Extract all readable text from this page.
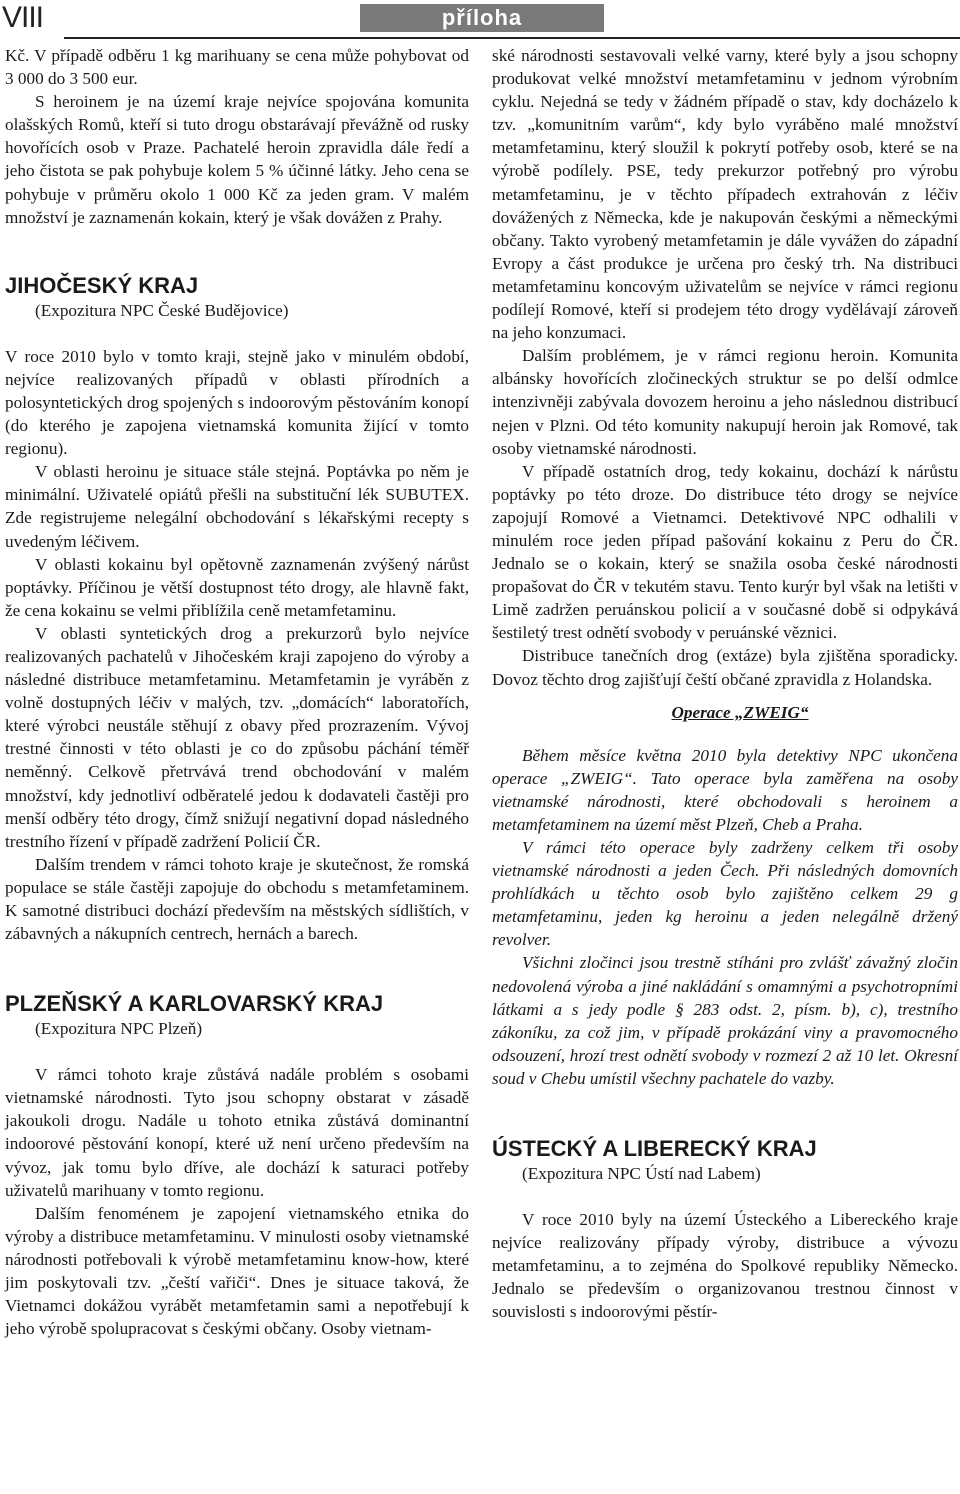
VIII	příloha

Kč. V případě odběru 1 kg marihuany se cena může pohybovat od 3 000 do 3 500 eur.

S heroinem je na území kraje nejvíce spojována komunita olašských Romů, kteří si tuto drogu obstarávají převážně od rusky hovořících osob v Praze. Pachatelé heroin zpravidla dále ředí a jeho čistota se pak pohybuje kolem 5 % účinné látky. Jeho cena se pohybuje v průměru okolo 1 000 Kč za jeden gram. V malém množství je zaznamenán kokain, který je však dovážen z Prahy.

JIHOČESKÝ KRAJ

(Expozitura NPC České Budějovice)

V roce 2010 bylo v tomto kraji, stejně jako v minulém období, nejvíce realizovaných případů v oblasti přírodních a polosyntetických drog spojených s indoorovým pěstováním konopí (do kterého je zapojena vietnamská komunita žijící v tomto regionu).

V oblasti heroinu je situace stále stejná. Poptávka po něm je minimální. Uživatelé opiátů přešli na substituční lék SUBUTEX. Zde registrujeme nelegální obchodování s lékařskými recepty s uvedeným léčivem.

V oblasti kokainu byl opětovně zaznamenán zvýšený nárůst poptávky. Příčinou je větší dostupnost této drogy, ale hlavně fakt, že cena kokainu se velmi přiblížila ceně metamfetaminu.

V oblasti syntetických drog a prekurzorů bylo nejvíce realizovaných pachatelů v Jihočeském kraji zapojeno do výroby a následné distribuce metamfetaminu. Metamfetamin je vyráběn z volně dostupných léčiv v malých, tzv. „domácích“ laboratořích, které výrobci neustále stěhují z obavy před prozrazením. Vývoj trestné činnosti v této oblasti je co do způsobu páchání téměř neměnný. Celkově přetrvává trend obchodování v malém množství, kdy jednotliví odběratelé jedou k dodavateli častěji pro menší odběry této drogy, čímž snižují negativní dopad následného trestního řízení v případě zadržení Policií ČR.

Dalším trendem v rámci tohoto kraje je skutečnost, že romská populace se stále častěji zapojuje do obchodu s metamfetaminem. K samotné distribuci dochází především na městských sídlištích, v zábavných a nákupních centrech, hernách a barech.

PLZEŇSKÝ A KARLOVARSKÝ KRAJ

(Expozitura NPC Plzeň)

V rámci tohoto kraje zůstává nadále problém s osobami vietnamské národnosti. Tyto jsou schopny obstarat v zásadě jakoukoli drogu. Nadále u tohoto etnika zůstává dominantní indoorové pěstování konopí, které už není určeno především na vývoz, jak tomu bylo dříve, ale dochází k saturaci potřeby uživatelů marihuany v tomto regionu.

Dalším fenoménem je zapojení vietnamského etnika do výroby a distribuce metamfetaminu. V minulosti osoby vietnamské národnosti potřebovali k výrobě metamfetaminu know-how, které jim poskytovali tzv. „čeští vařiči“. Dnes je situace taková, že Vietnamci dokážou vyrábět metamfetamin sami a nepotřebují k jeho výrobě spolupracovat s českými občany. Osoby vietnam-

ské národnosti sestavovali velké varny, které byly a jsou schopny produkovat velké množství metamfetaminu v jednom výrobním cyklu. Nejedná se tedy v žádném případě o stav, kdy docházelo k tzv. „komunitním varům“, kdy bylo vyráběno malé množství metamfetaminu, který sloužil k pokrytí potřeby osob, které se na výrobě podílely. PSE, tedy prekurzor potřebný pro výrobu metamfetaminu, je v těchto případech extrahován z léčiv dovážených z Německa, kde je nakupován českými a německými občany. Takto vyrobený metamfetamin je dále vyvážen do západní Evropy a část produkce je určena pro český trh. Na distribuci metamfetaminu koncovým uživatelům se nejvíce v rámci regionu podílejí Romové, kteří si prodejem této drogy vydělávají zároveň na jeho konzumaci.

Dalším problémem, je v rámci regionu heroin. Komunita albánsky hovořících zločineckých struktur se po delší odmlce intenzivněji zabývala dovozem heroinu a jeho následnou distribucí nejen v Plzni. Od této komunity nakupují heroin jak Romové, tak osoby vietnamské národnosti.

V případě ostatních drog, tedy kokainu, dochází k nárůstu poptávky po této droze. Do distribuce této drogy se nejvíce zapojují Romové a Vietnamci. Detektivové NPC odhalili v minulém roce jeden případ pašování kokainu z Peru do ČR. Jednalo se o kokain, který se snažila osoba české národnosti propašovat do ČR v tekutém stavu. Tento kurýr byl však na letišti v Limě zadržen peruánskou policií a v současné době si odpykává šestiletý trest odnětí svobody v peruánské věznici.

Distribuce tanečních drog (extáze) byla zjištěna sporadicky. Dovoz těchto drog zajišťují čeští občané zpravidla z Holandska.

Operace „ZWEIG“

Během měsíce května 2010 byla detektivy NPC ukončena operace „ZWEIG“. Tato operace byla zaměřena na osoby vietnamské národnosti, které obchodovali s heroinem a metamfetaminem na území měst Plzeň, Cheb a Praha.

V rámci této operace byly zadrženy celkem tři osoby vietnamské národnosti a jeden Čech. Při následných domovních prohlídkách u těchto osob bylo zajištěno celkem 29 g metamfetaminu, jeden kg heroinu a jeden nelegálně držený revolver.

Všichni zločinci jsou trestně stíháni pro zvlášť závažný zločin nedovolená výroba a jiné nakládání s omamnými a psychotropními látkami a s jedy podle § 283 odst. 2, písm. b), c), trestního zákoníku, za což jim, v případě prokázání viny a pravomocného odsouzení, hrozí trest odnětí svobody v rozmezí 2 až 10 let. Okresní soud v Chebu umístil všechny pachatele do vazby.

ÚSTECKÝ A LIBERECKÝ KRAJ

(Expozitura NPC Ústí nad Labem)

V roce 2010 byly na území Ústeckého a Libereckého kraje nejvíce realizovány případy výroby, distribuce a vývozu metamfetaminu, a to zejména do Spolkové republiky Německo. Jednalo se především o organizovanou trestnou činnost v souvislosti s indoorovými pěstír-
